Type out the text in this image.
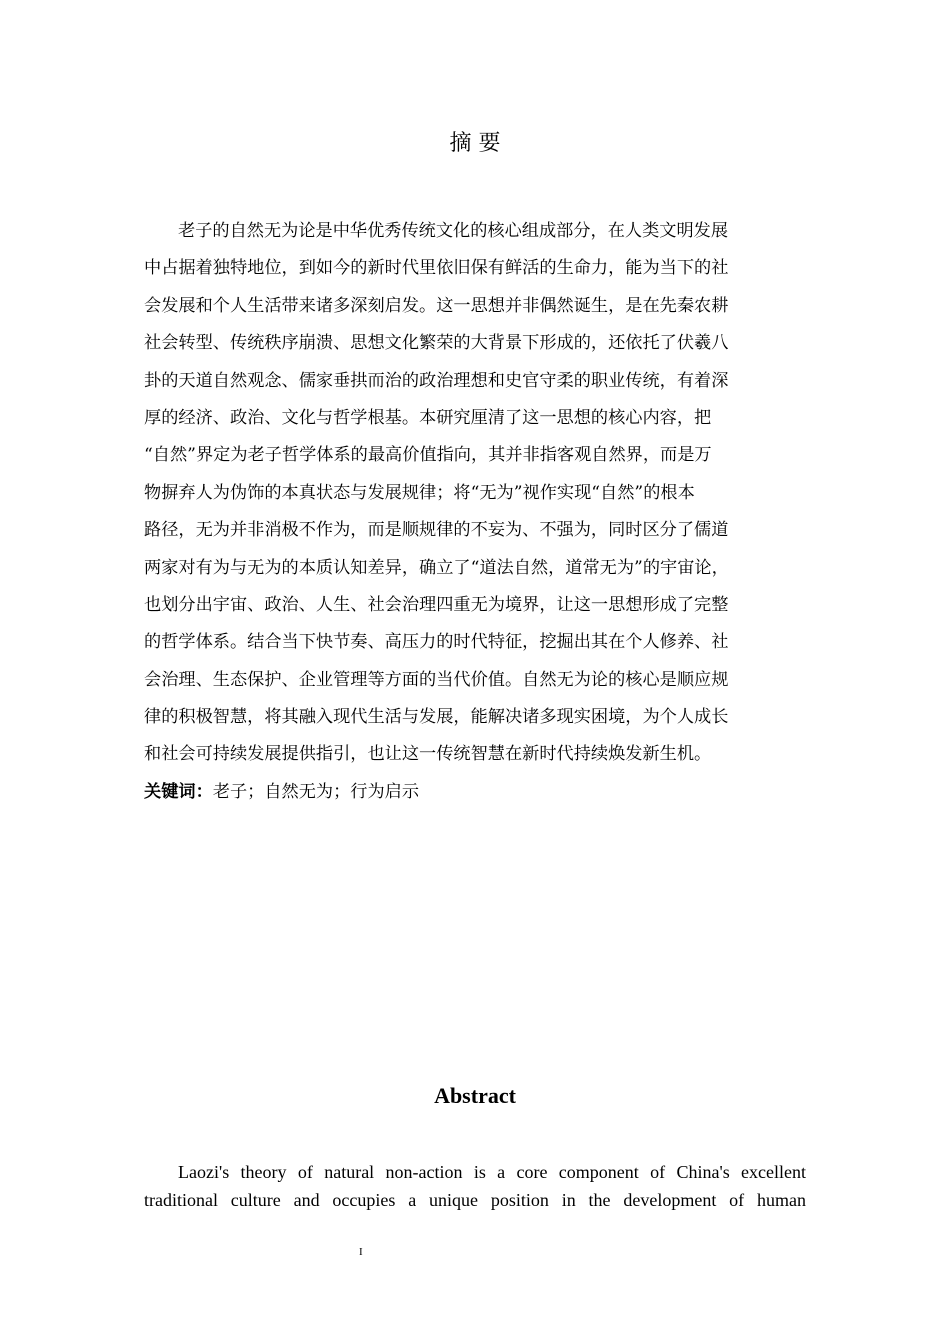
摘 要
老子的自然无为论是中华优秀传统文化的核心组成部分，在人类文明发展
中占据着独特地位，到如今的新时代里依旧保有鲜活的生命力，能为当下的社
会发展和个人生活带来诸多深刻启发。这一思想并非偶然诞生，是在先秦农耕
社会转型、传统秩序崩溃、思想文化繁荣的大背景下形成的，还依托了伏羲八
卦的天道自然观念、儒家垂拱而治的政治理想和史官守柔的职业传统，有着深
厚的经济、政治、文化与哲学根基。本研究厘清了这一思想的核心内容，把
“自然”界定为老子哲学体系的最高价值指向，其并非指客观自然界，而是万
物摒弃人为伪饰的本真状态与发展规律；将“无为”视作实现“自然”的根本
路径，无为并非消极不作为，而是顺规律的不妄为、不强为，同时区分了儒道
两家对有为与无为的本质认知差异，确立了“道法自然，道常无为”的宇宙论，
也划分出宇宙、政治、人生、社会治理四重无为境界，让这一思想形成了完整
的哲学体系。结合当下快节奏、高压力的时代特征，挖掘出其在个人修养、社
会治理、生态保护、企业管理等方面的当代价值。自然无为论的核心是顺应规
律的积极智慧，将其融入现代生活与发展，能解决诸多现实困境，为个人成长
和社会可持续发展提供指引，也让这一传统智慧在新时代持续焕发新生机。
关键词：老子；自然无为；行为启示
Abstract
Laozi's theory of natural non-action is a core component of China's excellent
traditional culture and occupies a unique position in the development of human
I
